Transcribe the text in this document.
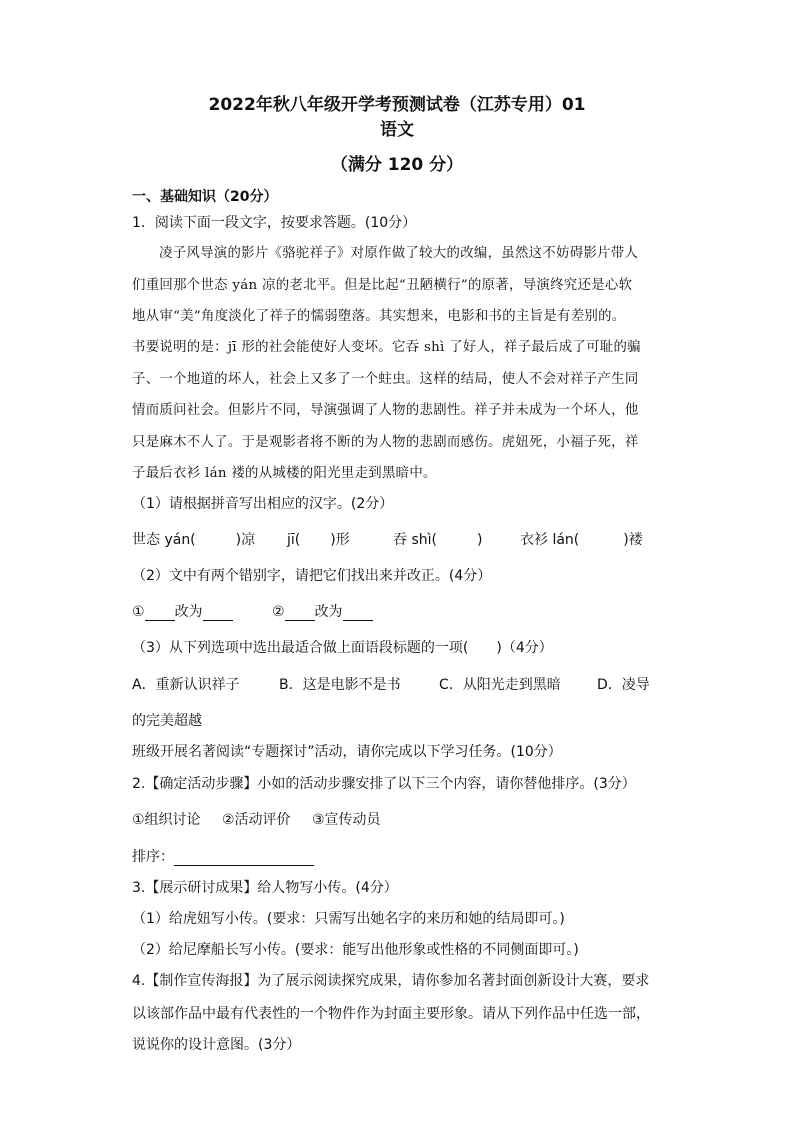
2022年秋八年级开学考预测试卷（江苏专用）01
语文
（满分 120 分）
一、基础知识（20分）
1．阅读下面一段文字，按要求答题。(10分）
凌子风导演的影片《骆驼祥子》对原作做了较大的改编，虽然这不妨碍影片带人
们重回那个世态 yán 凉的老北平。但是比起“丑陋横行”的原著，导演终究还是心软
地从审“美”角度淡化了祥子的懦弱堕落。其实想来，电影和书的主旨是有差别的。
书要说明的是：jī 形的社会能使好人变坏。它吞 shì 了好人，祥子最后成了可耻的骗
子、一个地道的坏人，社会上又多了一个蛀虫。这样的结局，使人不会对祥子产生同
情而质问社会。但影片不同，导演强调了人物的悲剧性。祥子并未成为一个坏人，他
只是麻木不人了。于是观影者将不断的为人物的悲剧而感伤。虎妞死，小福子死，祥
子最后衣衫 lán 褛的从城楼的阳光里走到黑暗中。
（1）请根据拼音写出相应的汉字。(2分）
世态 yán(	)凉 jī( )形	吞 shì(	)	衣衫 lán(	)褛
（2）文中有两个错别字，请把它们找出来并改正。(4分）
① 改为	② 改为
（3）从下列选项中选出最适合做上面语段标题的一项(　　)（4分）
A．重新认识祥子	B．这是电影不是书	C．从阳光走到黑暗	D．凌导
的完美超越
班级开展名著阅读“专题探讨”活动，请你完成以下学习任务。(10分）
2.【确定活动步骤】小如的活动步骤安排了以下三个内容，请你替他排序。(3分）
①组织讨论 ②活动评价 ③宣传动员
排序：
3.【展示研讨成果】给人物写小传。(4分）
（1）给虎妞写小传。(要求：只需写出她名字的来历和她的结局即可。)
（2）给尼摩船长写小传。(要求：能写出他形象或性格的不同侧面即可。)
4.【制作宣传海报】为了展示阅读探究成果，请你参加名著封面创新设计大赛，要求
以该部作品中最有代表性的一个物件作为封面主要形象。请从下列作品中任选一部，
说说你的设计意图。(3分）
